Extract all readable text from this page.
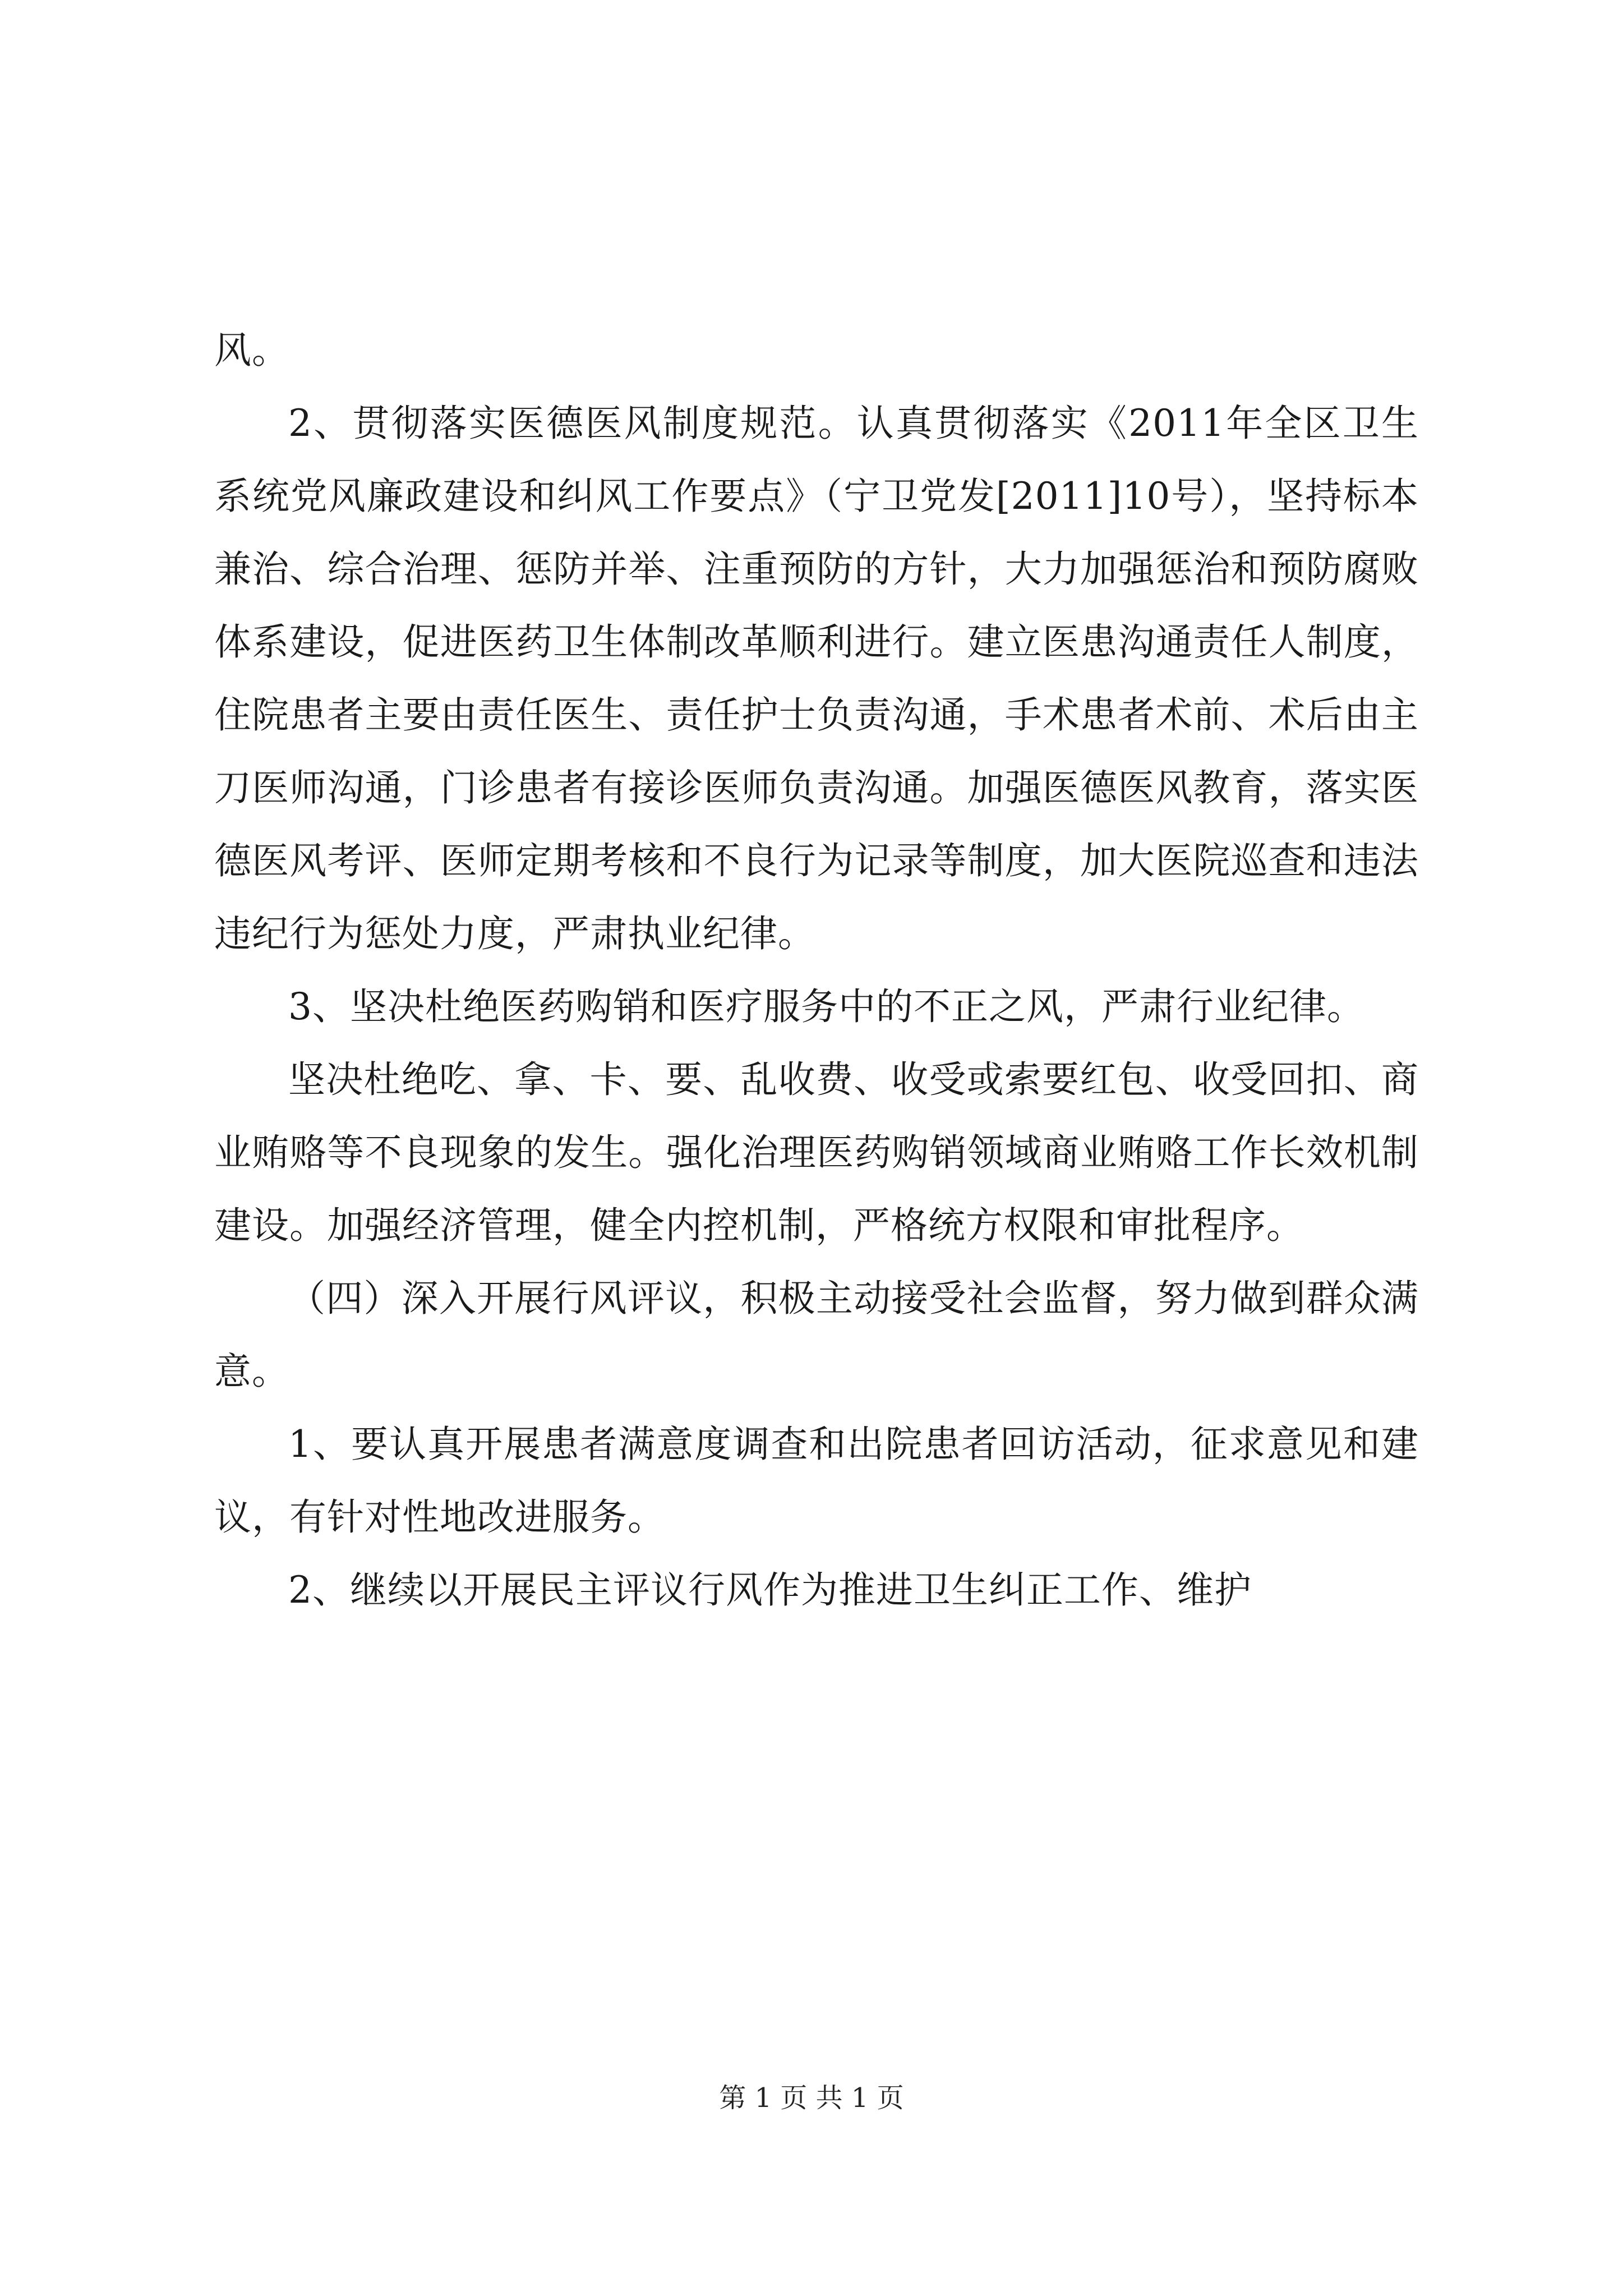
风。

2、贯彻落实医德医风制度规范。认真贯彻落实《2011年全区卫生系统党风廉政建设和纠风工作要点》（宁卫党发[2011]10号），坚持标本兼治、综合治理、惩防并举、注重预防的方针，大力加强惩治和预防腐败体系建设，促进医药卫生体制改革顺利进行。建立医患沟通责任人制度，住院患者主要由责任医生、责任护士负责沟通，手术患者术前、术后由主刀医师沟通，门诊患者有接诊医师负责沟通。加强医德医风教育，落实医德医风考评、医师定期考核和不良行为记录等制度，加大医院巡查和违法违纪行为惩处力度，严肃执业纪律。

3、坚决杜绝医药购销和医疗服务中的不正之风，严肃行业纪律。

坚决杜绝吃、拿、卡、要、乱收费、收受或索要红包、收受回扣、商业贿赂等不良现象的发生。强化治理医药购销领域商业贿赂工作长效机制建设。加强经济管理，健全内控机制，严格统方权限和审批程序。

（四）深入开展行风评议，积极主动接受社会监督，努力做到群众满意。

1、要认真开展患者满意度调查和出院患者回访活动，征求意见和建议，有针对性地改进服务。

2、继续以开展民主评议行风作为推进卫生纠正工作、维护

第 1 页 共 1 页
